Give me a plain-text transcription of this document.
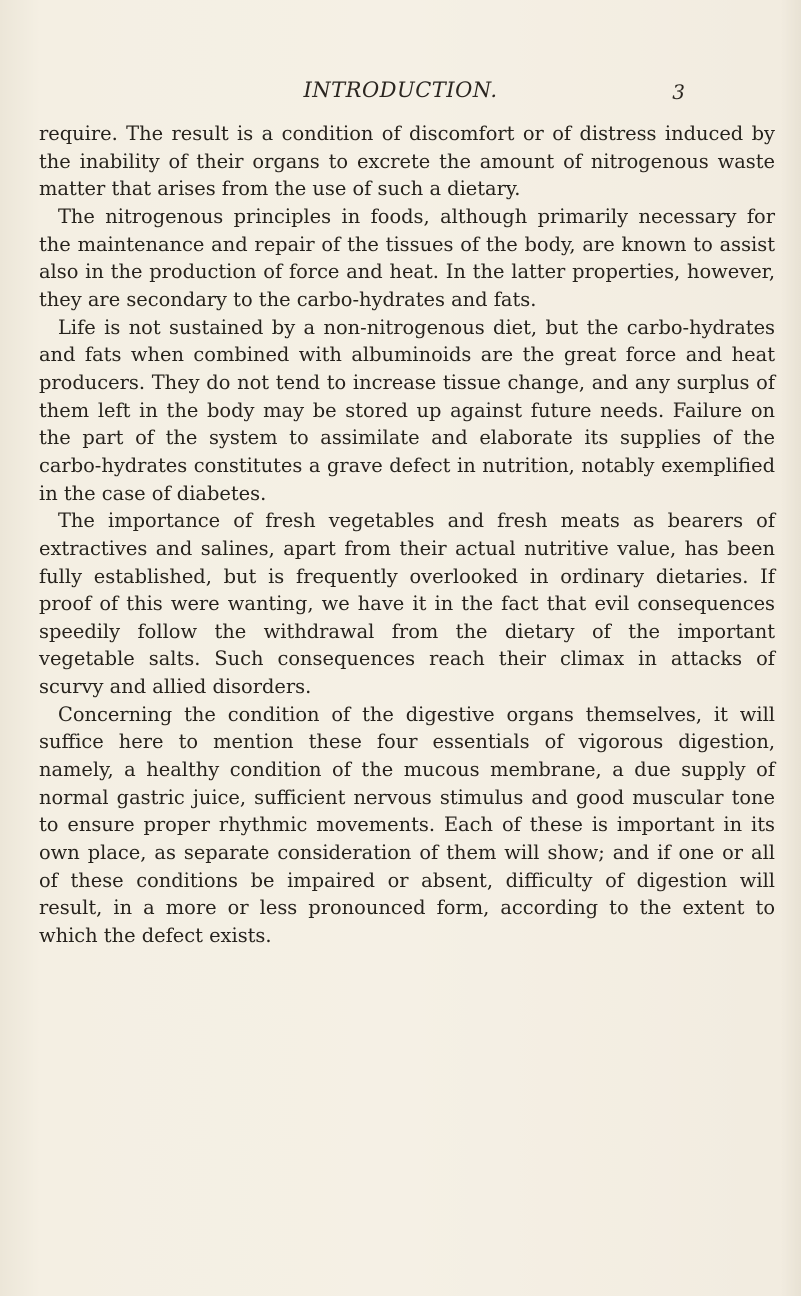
INTRODUCTION.	3

require. The result is a condition of discomfort or of distress induced by the inability of their organs to excrete the amount of nitrogenous waste matter that arises from the use of such a dietary.

The nitrogenous principles in foods, although primarily necessary for the maintenance and repair of the tissues of the body, are known to assist also in the production of force and heat. In the latter properties, however, they are secondary to the carbo-hydrates and fats.

Life is not sustained by a non-nitrogenous diet, but the carbo-hydrates and fats when combined with albuminoids are the great force and heat producers. They do not tend to increase tissue change, and any surplus of them left in the body may be stored up against future needs. Failure on the part of the system to assimilate and elaborate its supplies of the carbo-hydrates constitutes a grave defect in nutrition, notably exemplified in the case of diabetes.

The importance of fresh vegetables and fresh meats as bearers of extractives and salines, apart from their actual nutritive value, has been fully established, but is frequently overlooked in ordinary dietaries. If proof of this were wanting, we have it in the fact that evil consequences speedily follow the withdrawal from the dietary of the important vegetable salts. Such consequences reach their climax in attacks of scurvy and allied disorders.

Concerning the condition of the digestive organs themselves, it will suffice here to mention these four essentials of vigorous digestion, namely, a healthy condition of the mucous membrane, a due supply of normal gastric juice, sufficient nervous stimulus and good muscular tone to ensure proper rhythmic movements. Each of these is important in its own place, as separate consideration of them will show; and if one or all of these conditions be impaired or absent, difficulty of digestion will result, in a more or less pronounced form, according to the extent to which the defect exists.
